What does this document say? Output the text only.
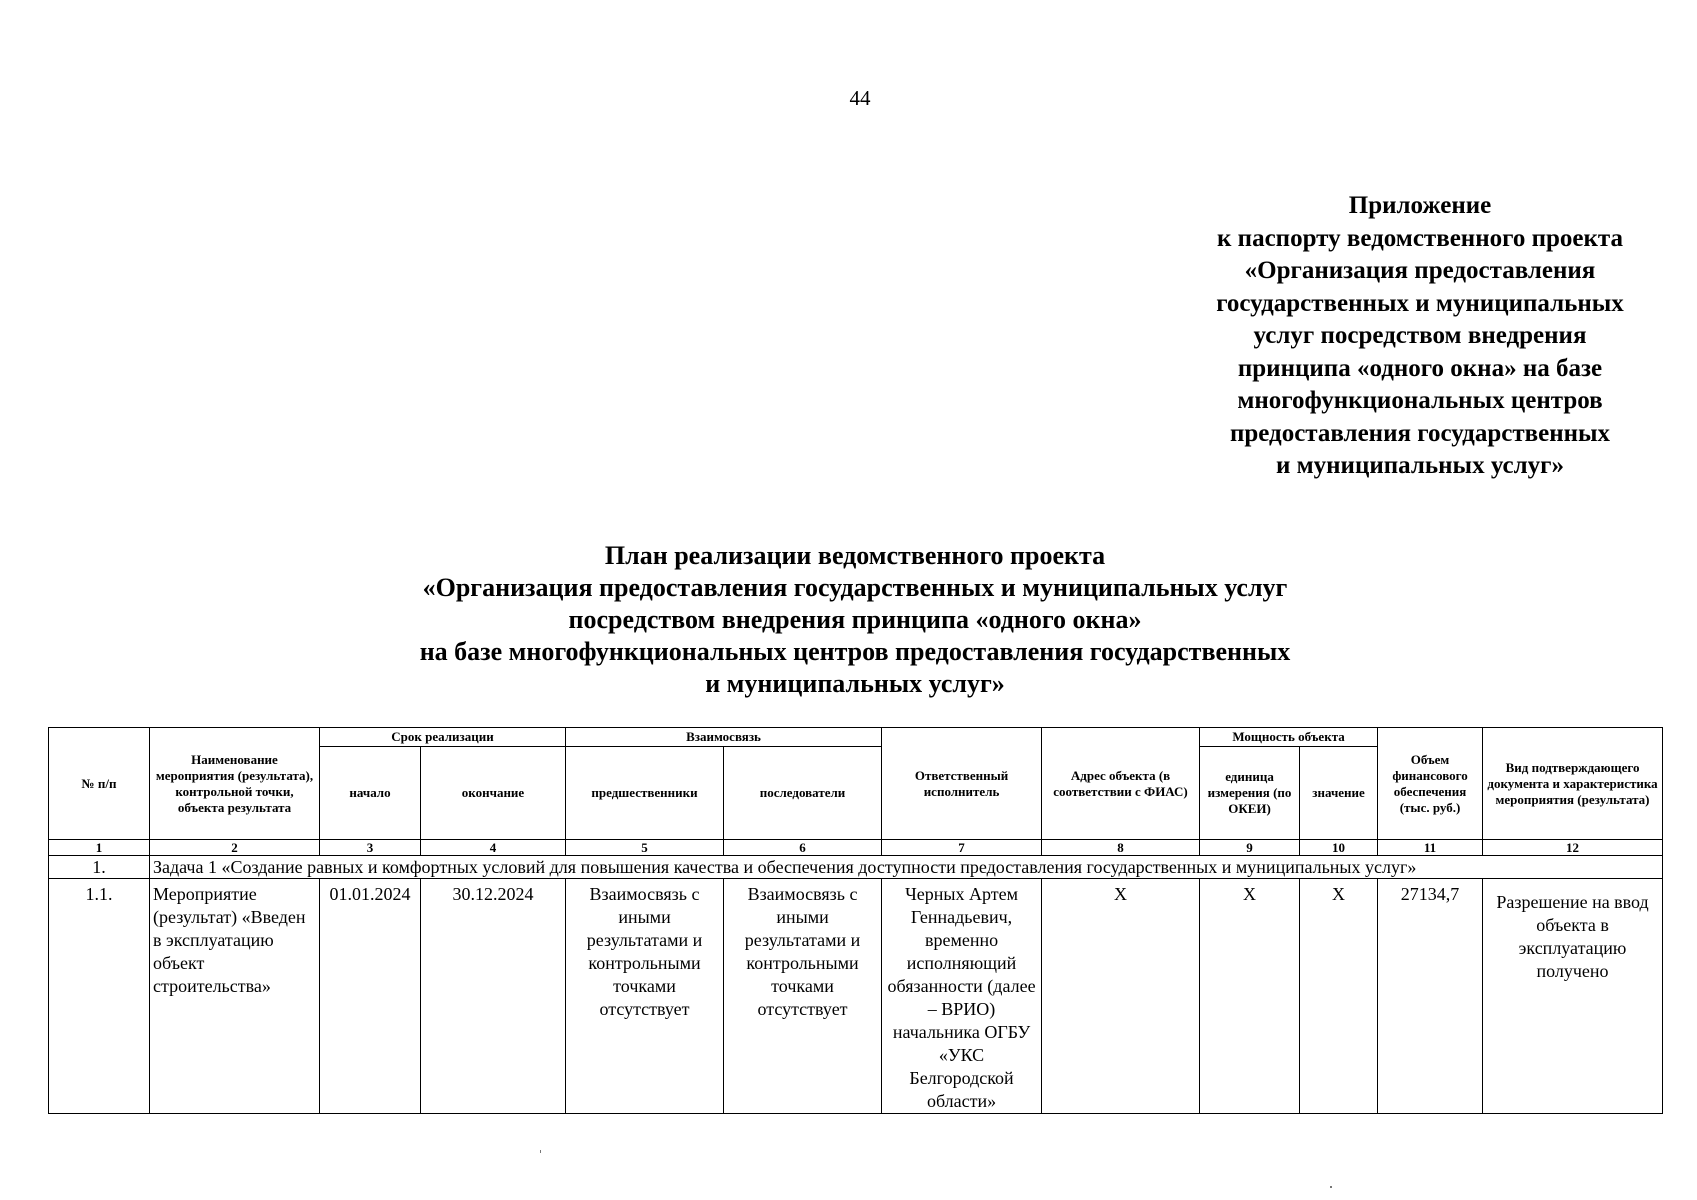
44
Приложение
к паспорту ведомственного проекта
«Организация предоставления
государственных и муниципальных
услуг посредством внедрения
принципа «одного окна» на базе
многофункциональных центров
предоставления государственных
и муниципальных услуг»
План реализации ведомственного проекта
«Организация предоставления государственных и муниципальных услуг
посредством внедрения принципа «одного окна»
на базе многофункциональных центров предоставления государственных
и муниципальных услуг»
№ п/п	Наименование мероприятия (результата), контрольной точки, объекта результата	Срок реализации		Взаимосвязь		Ответственный исполнитель	Адрес объекта (в соответствии с ФИАС)	Мощность объекта		Объем финансового обеспечения (тыс. руб.)	Вид подтверждающего документа и характеристика мероприятия (результата)
		начало	окончание	предшественники	последователи			единица измерения (по ОКЕИ)	значение		
1	2	3	4	5	6	7	8	9	10	11	12
1.	Задача 1 «Создание равных и комфортных условий для повышения качества и обеспечения доступности предоставления государственных и муниципальных услуг»										
1.1.	Мероприятие (результат) «Введен в эксплуатацию объект строительства»	01.01.2024	30.12.2024	Взаимосвязь с иными результатами и контрольными точками отсутствует	Взаимосвязь с иными результатами и контрольными точками отсутствует	Черных Артем Геннадьевич, временно исполняющий обязанности (далее – ВРИО) начальника ОГБУ «УКС Белгородской области»	X	X	X	27134,7	Разрешение на ввод объекта в эксплуатацию получено
